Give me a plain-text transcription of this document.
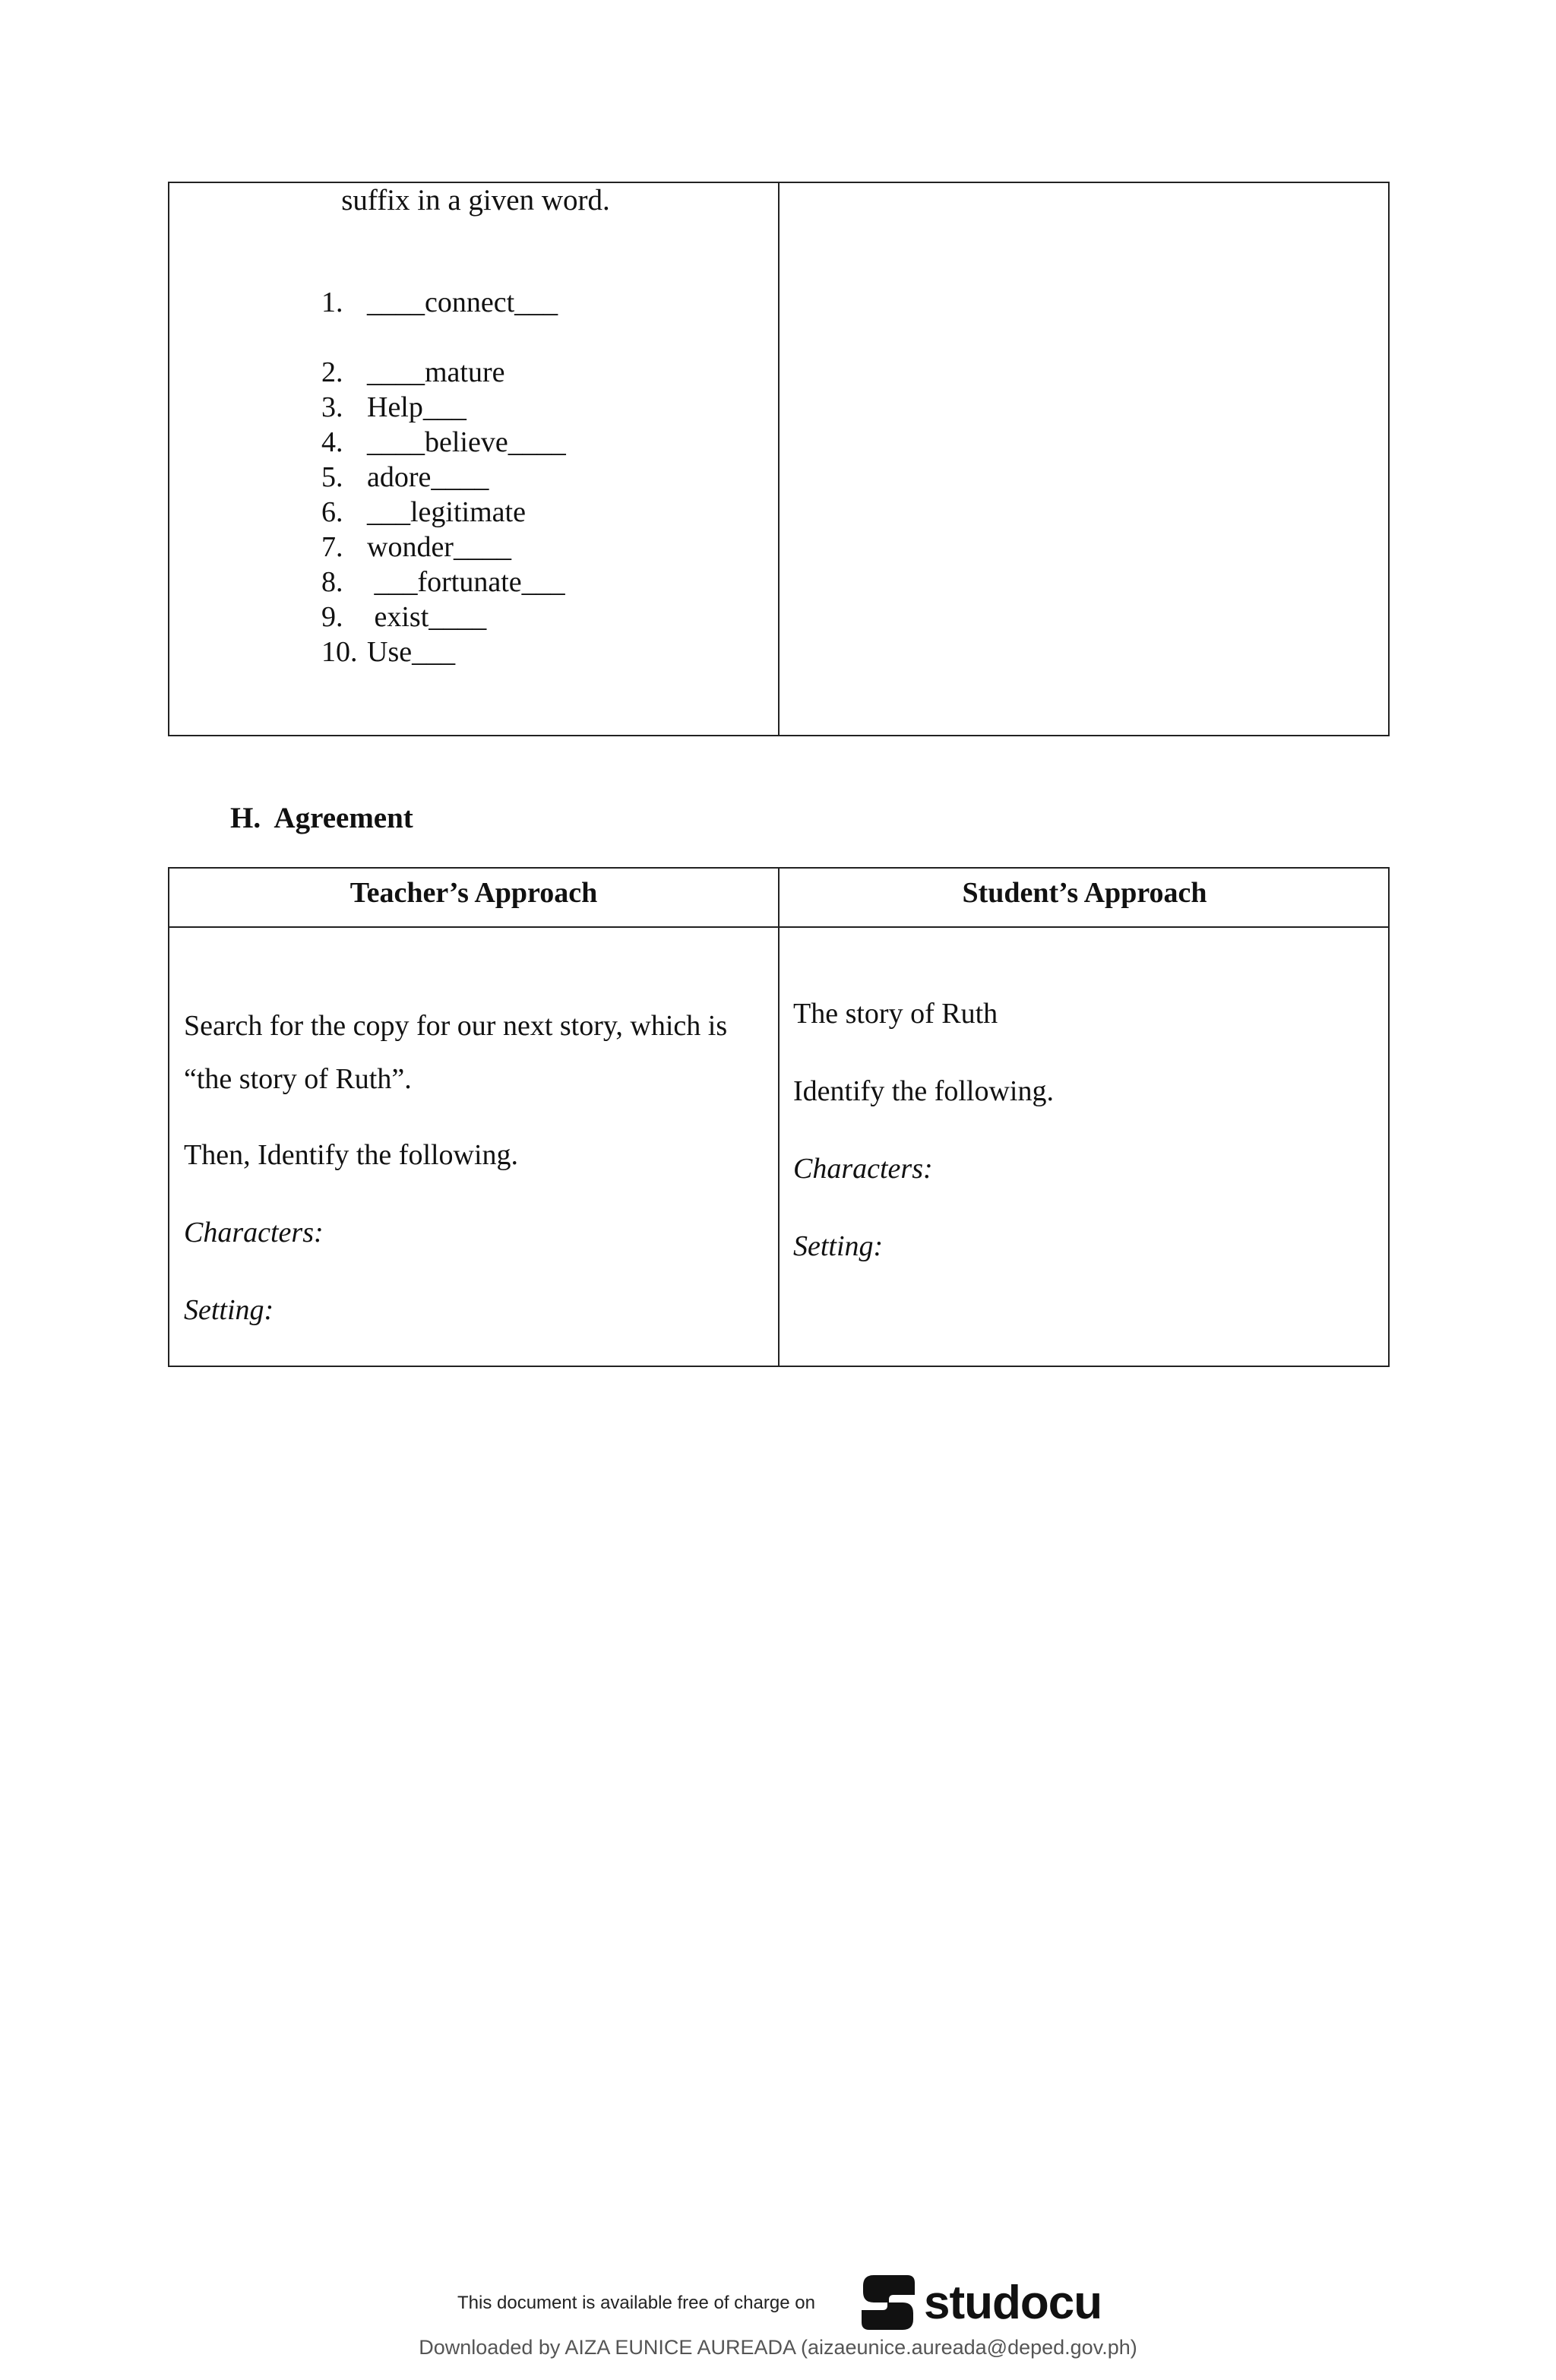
suffix in a given word.
1. ____connect___
2. ____mature
3. Help___
4. ____believe____
5. adore____
6. ___legitimate
7. wonder____
8. ___fortunate___
9. exist____
10. Use___
H.  Agreement
Teacher’s Approach	Student’s Approach
Search for the copy for our next story, which is
“the story of Ruth”.
Then, Identify the following.
Characters:
Setting:
The story of Ruth
Identify the following.
Characters:
Setting:
This document is available free of charge on studocu
Downloaded by AIZA EUNICE AUREADA (aizaeunice.aureada@deped.gov.ph)
